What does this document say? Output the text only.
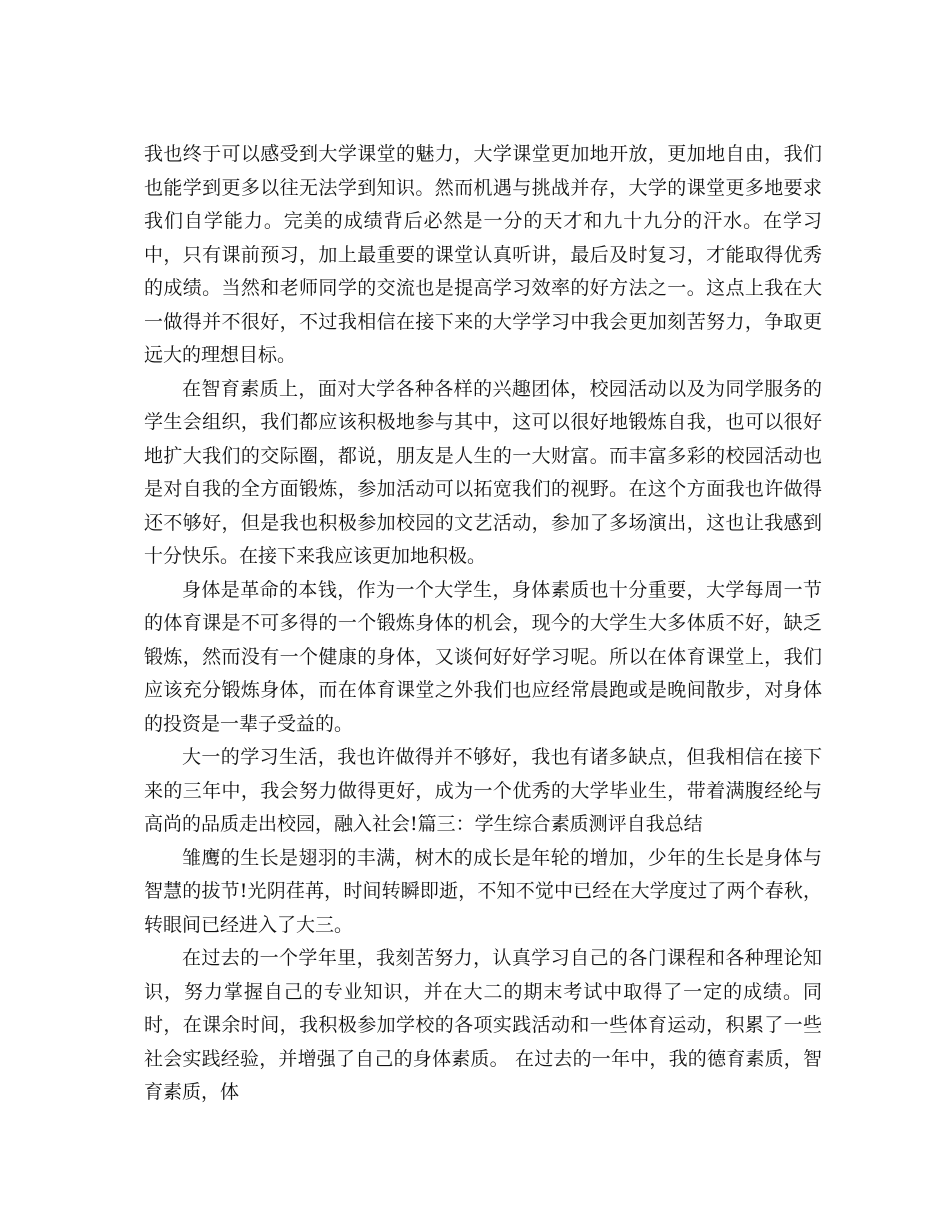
我也终于可以感受到大学课堂的魅力，大学课堂更加地开放，更加地自由，我们也能学到更多以往无法学到知识。然而机遇与挑战并存，大学的课堂更多地要求我们自学能力。完美的成绩背后必然是一分的天才和九十九分的汗水。在学习中，只有课前预习，加上最重要的课堂认真听讲，最后及时复习，才能取得优秀的成绩。当然和老师同学的交流也是提高学习效率的好方法之一。这点上我在大一做得并不很好，不过我相信在接下来的大学学习中我会更加刻苦努力，争取更远大的理想目标。

在智育素质上，面对大学各种各样的兴趣团体，校园活动以及为同学服务的学生会组织，我们都应该积极地参与其中，这可以很好地锻炼自我，也可以很好地扩大我们的交际圈，都说，朋友是人生的一大财富。而丰富多彩的校园活动也是对自我的全方面锻炼，参加活动可以拓宽我们的视野。在这个方面我也许做得还不够好，但是我也积极参加校园的文艺活动，参加了多场演出，这也让我感到十分快乐。在接下来我应该更加地积极。

身体是革命的本钱，作为一个大学生，身体素质也十分重要，大学每周一节的体育课是不可多得的一个锻炼身体的机会，现今的大学生大多体质不好，缺乏锻炼，然而没有一个健康的身体，又谈何好好学习呢。所以在体育课堂上，我们应该充分锻炼身体，而在体育课堂之外我们也应经常晨跑或是晚间散步，对身体的投资是一辈子受益的。

大一的学习生活，我也许做得并不够好，我也有诸多缺点，但我相信在接下来的三年中，我会努力做得更好，成为一个优秀的大学毕业生，带着满腹经纶与高尚的品质走出校园，融入社会!篇三：学生综合素质测评自我总结

雏鹰的生长是翅羽的丰满，树木的成长是年轮的增加，少年的生长是身体与智慧的拔节!光阴荏苒，时间转瞬即逝，不知不觉中已经在大学度过了两个春秋，转眼间已经进入了大三。

在过去的一个学年里，我刻苦努力，认真学习自己的各门课程和各种理论知识，努力掌握自己的专业知识，并在大二的期末考试中取得了一定的成绩。同时，在课余时间，我积极参加学校的各项实践活动和一些体育运动，积累了一些社会实践经验，并增强了自己的身体素质。 在过去的一年中，我的德育素质，智育素质，体
